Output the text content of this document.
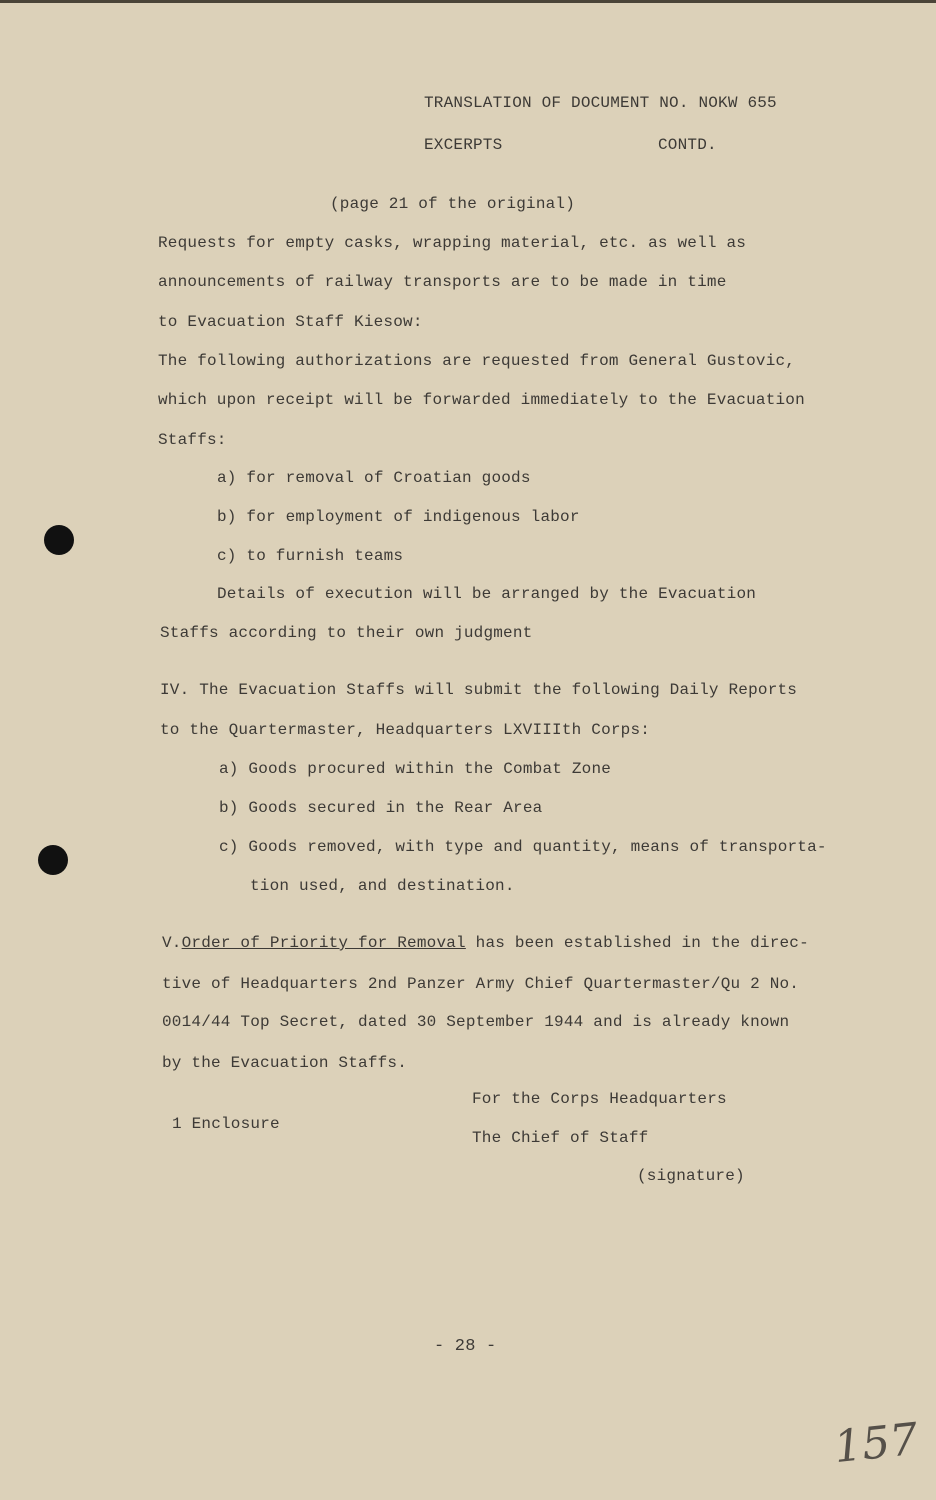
TRANSLATION OF DOCUMENT NO. NOKW 655
EXCERPTS	CONTD.
(page 21 of the original)
Requests for empty casks, wrapping material, etc. as well as
announcements of railway transports are to be made in time
to Evacuation Staff Kiesow:
The following authorizations are requested from General Gustovic,
which upon receipt will be forwarded immediately to the Evacuation
Staffs:
a) for removal of Croatian goods
b) for employment of indigenous labor
c) to furnish teams
Details of execution will be arranged by the Evacuation
Staffs according to their own judgment
IV. The Evacuation Staffs will submit the following Daily Reports
to the Quartermaster, Headquarters LXVIIIth Corps:
a) Goods procured within the Combat Zone
b) Goods secured in the Rear Area
c) Goods removed, with type and quantity, means of transporta-
tion used, and destination.
V.Order of Priority for Removal has been established in the direc-
tive of Headquarters 2nd Panzer Army Chief Quartermaster/Qu 2 No.
0014/44 Top Secret, dated 30 September 1944 and is already known
by the Evacuation Staffs.
For the Corps Headquarters
1 Enclosure
The Chief of Staff
(signature)
- 28 -
157
